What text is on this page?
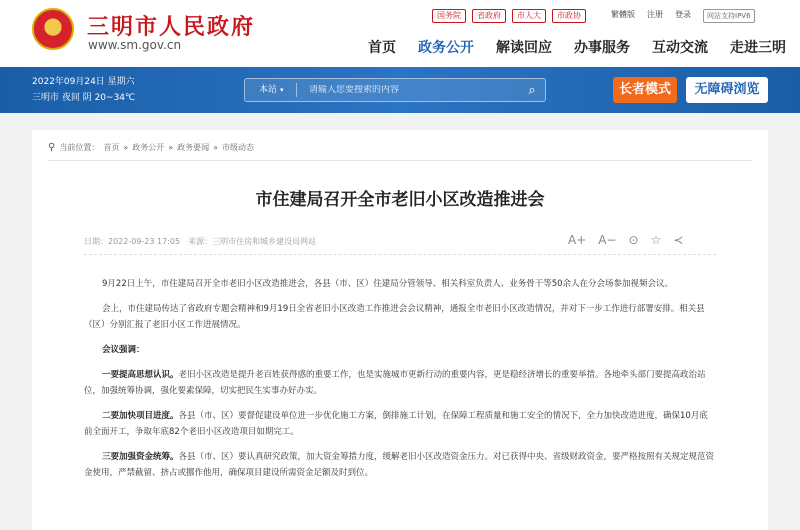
三明市人民政府
www.sm.gov.cn
国务院	省政府	市人大	市政协	繁體版 注册 登录	网站支持IPV6
首页 政务公开 解读回应 办事服务 互动交流 走进三明
2022年09月24日 星期六
三明市 夜间 阴 20~34℃
本站 ▾
请输入您要搜索的内容	⌕	长者模式	无障碍浏览
⚲ 当前位置： 首页 » 政务公开 » 政务要闻 » 市级动态
市住建局召开全市老旧小区改造推进会
日期：2022-09-23 17:05 来源：三明市住房和城乡建设局网站	A+ A− ⊙ ☆ ≺

9月22日上午，市住建局召开全市老旧小区改造推进会，各县（市、区）住建局分管领导、相关科室负责人、业务骨干等50余人在分会场参加视频会议。

会上，市住建局传达了省政府专题会精神和9月19日全省老旧小区改造工作推进会会议精神，通报全市老旧小区改造情况，并对下一步工作进行部署安排。相关县（区）分别汇报了老旧小区工作进展情况。

会议强调：

一要提高思想认识。老旧小区改造是提升老百姓获得感的重要工作，也是实施城市更新行动的重要内容，更是稳经济增长的重要举措。各地牵头部门要提高政治站位，加强统筹协调，强化要素保障，切实把民生实事办好办实。

二要加快项目进度。各县（市、区）要督促建设单位进一步优化施工方案，倒排施工计划，在保障工程质量和施工安全的情况下，全力加快改造进度，确保10月底前全面开工，争取年底82个老旧小区改造项目如期完工。

三要加强资金统筹。各县（市、区）要认真研究政策，加大资金筹措力度，缓解老旧小区改造资金压力。对已获得中央、省级财政资金，要严格按照有关规定规范资金使用，严禁截留、挤占或挪作他用，确保项目建设所需资金足额及时到位。
